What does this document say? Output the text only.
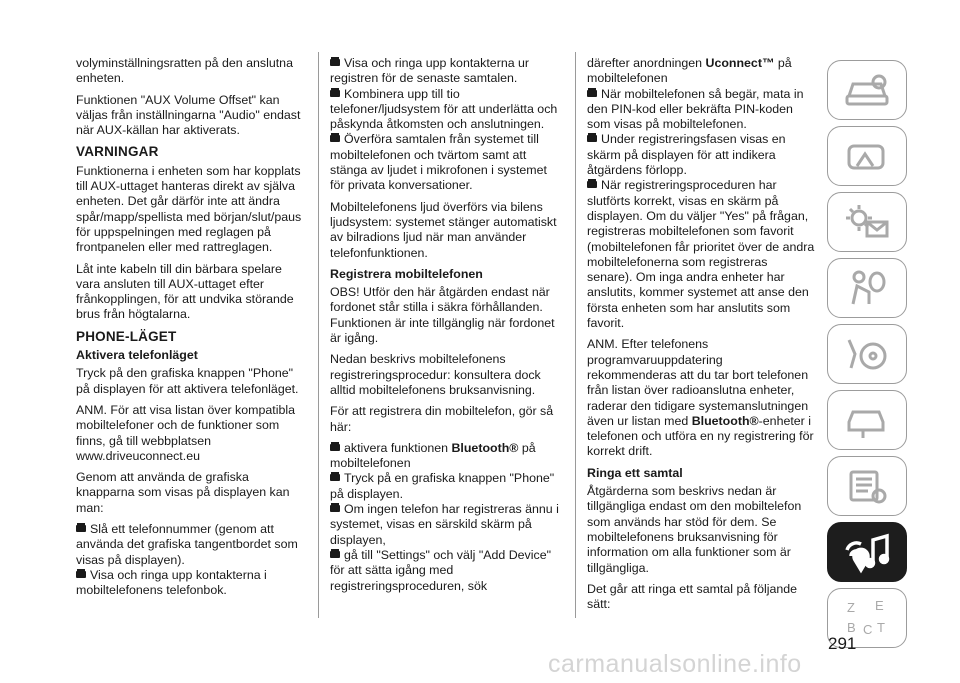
volyminställningsratten på den anslutna enheten.

Funktionen "AUX Volume Offset" kan väljas från inställningarna "Audio" endast när AUX-källan har aktiverats.

VARNINGAR

Funktionerna i enheten som har kopplats till AUX-uttaget hanteras direkt av själva enheten. Det går därför inte att ändra spår/mapp/spellista med början/slut/paus för uppspelningen med reglagen på frontpanelen eller med rattreglagen.

Låt inte kabeln till din bärbara spelare vara ansluten till AUX-uttaget efter frånkopplingen, för att undvika störande brus från högtalarna.

PHONE-LÄGET
Aktivera telefonläget

Tryck på den grafiska knappen "Phone" på displayen för att aktivera telefonläget.

ANM. För att visa listan över kompatibla mobiltelefoner och de funktioner som finns, gå till webbplatsen www.driveuconnect.eu

Genom att använda de grafiska knapparna som visas på displayen kan man:

Slå ett telefonnummer (genom att använda det grafiska tangentbordet som visas på displayen).
Visa och ringa upp kontakterna i mobiltelefonens telefonbok.
Visa och ringa upp kontakterna ur registren för de senaste samtalen.
Kombinera upp till tio telefoner/ljudsystem för att underlätta och påskynda åtkomsten och anslutningen.

Överföra samtalen från systemet till mobiltelefonen och tvärtom samt att stänga av ljudet i mikrofonen i systemet för privata konversationer.

Mobiltelefonens ljud överförs via bilens ljudsystem: systemet stänger automatiskt av bilradions ljud när man använder telefonfunktionen.

Registrera mobiltelefonen

OBS! Utför den här åtgärden endast när fordonet står stilla i säkra förhållanden. Funktionen är inte tillgänglig när fordonet är igång.

Nedan beskrivs mobiltelefonens registreringsprocedur: konsultera dock alltid mobiltelefonens bruksanvisning.

För att registrera din mobiltelefon, gör så här:

aktivera funktionen Bluetooth® på mobiltelefonen
Tryck på en grafiska knappen "Phone" på displayen.
Om ingen telefon har registreras ännu i systemet, visas en särskild skärm på displayen,
gå till "Settings" och välj "Add Device" för att sätta igång med registreringsproceduren, sök
därefter anordningen Uconnect™ på mobiltelefonen
När mobiltelefonen så begär, mata in den PIN-kod eller bekräfta PIN-koden som visas på mobiltelefonen.
Under registreringsfasen visas en skärm på displayen för att indikera åtgärdens förlopp.

När registreringsproceduren har slutförts korrekt, visas en skärm på displayen. Om du väljer "Yes" på frågan, registreras mobiltelefonen som favorit (mobiltelefonen får prioritet över de andra mobiltelefonerna som registreras senare). Om inga andra enheter har anslutits, kommer systemet att anse den första enheten som har anslutits som favorit.

ANM. Efter telefonens programvaruuppdatering rekommenderas att du tar bort telefonen från listan över radioanslutna enheter, raderar den tidigare systemanslutningen även ur listan med Bluetooth®-enheter i telefonen och utföra en ny registrering för korrekt drift.

Ringa ett samtal

Åtgärderna som beskrivs nedan är tillgängliga endast om den mobiltelefon som används har stöd för dem. Se mobiltelefonens bruksanvisning för information om alla funktioner som är tillgängliga.

Det går att ringa ett samtal på följande sätt:	Z
B C
E
T
291
carmanualsonline.info
